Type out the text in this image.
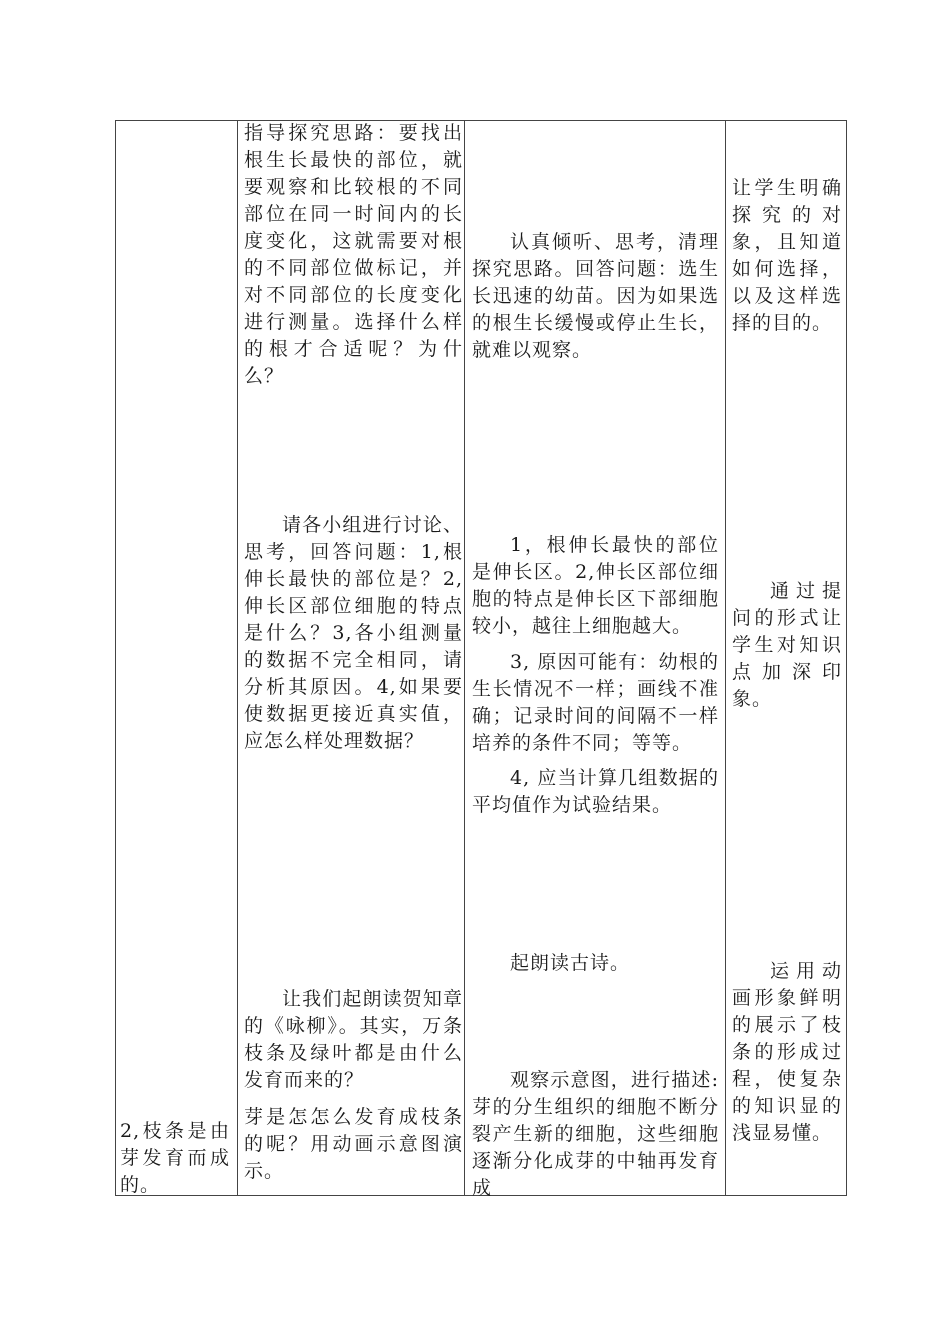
2,枝条是由芽发育而成的。

指导探究思路：要找出根生长最快的部位，就要观察和比较根的不同部位在同一时间内的长度变化，这就需要对根的不同部位做标记，并对不同部位的长度变化进行测量。选择什么样的根才合适呢？为什么？

请各小组进行讨论、思考，回答问题：1,根伸长最快的部位是？2,伸长区部位细胞的特点是什么？3,各小组测量的数据不完全相同，请分析其原因。4,如果要使数据更接近真实值，应怎么样处理数据？

让我们起朗读贺知章的《咏柳》。其实，万条枝条及绿叶都是由什么发育而来的？

芽是怎怎么发育成枝条的呢？用动画示意图演示。

认真倾听、思考，清理探究思路。回答问题：选生长迅速的幼苗。因为如果选的根生长缓慢或停止生长，就难以观察。

1，根伸长最快的部位是伸长区。2,伸长区部位细胞的特点是伸长区下部细胞较小，越往上细胞越大。

3, 原因可能有：幼根的生长情况不一样；画线不准确；记录时间的间隔不一样培养的条件不同；等等。

4, 应当计算几组数据的平均值作为试验结果。

起朗读古诗。

观察示意图，进行描述:芽的分生组织的细胞不断分裂产生新的细胞，这些细胞逐渐分化成芽的中轴再发育成

让学生明确探究的对象，且知道如何选择，以及这样选择的目的。

通过提问的形式让学生对知识点加深印象。

运用动画形象鲜明的展示了枝条的形成过程，使复杂的知识显的浅显易懂。
